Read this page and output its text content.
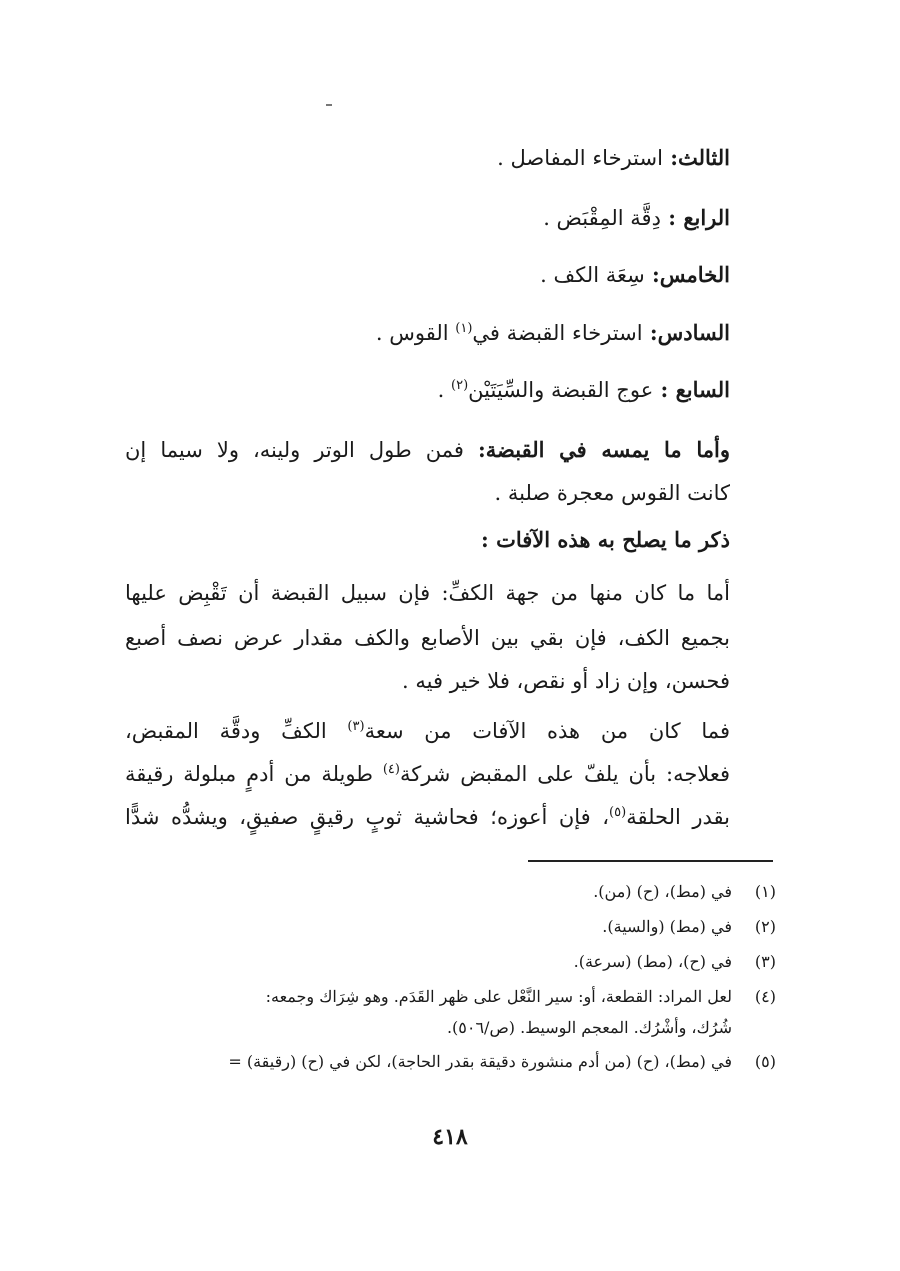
الثالث: استرخاء المفاصل .
الرابع : دِقَّة المِقْبَض .
الخامس: سِعَة الكف .
السادس: استرخاء القبضة في$^{(١)}$ القوس .
السابع : عوج القبضة والسِّيَتَيْن$^{(٢)}$ .
وأما ما يمسه في القبضة: فمن طول الوتر ولينه، ولا سيما إن
كانت القوس معجرة صلبة .
ذكر ما يصلح به هذه الآفات :
أما ما كان منها من جهة الكفِّ: فإن سبيل القبضة أن تَقْبِض عليها
بجميع الكف، فإن بقي بين الأصابع والكف مقدار عرض نصف أصبع
فحسن، وإن زاد أو نقص، فلا خير فيه .
فما كان من هذه الآفات من سعة$^{(٣)}$ الكفِّ ودقَّة المقبض،
فعلاجه: بأن يلفّ على المقبض شركة$^{(٤)}$ طويلة من أدمٍ مبلولة رقيقة
بقدر الحلقة$^{(٥)}$، فإن أعوزه؛ فحاشية ثوبٍ رقيقٍ صفيقٍ، ويشدُّه شدًّا
(١)في (مط)، (ح) (من).
(٢)في (مط) (والسية).
(٣)في (ح)، (مط) (سرعة).
(٤)لعل المراد: القطعة، أو: سير النَّعْل على ظهر القَدَم. وهو شِرَاك وجمعه:
شُرُك، وأشْرُك. المعجم الوسيط. (ص/٥٠٦).
(٥)في (مط)، (ح) (من أدم منشورة دقيقة بقدر الحاجة)، لكن في (ح) (رقيقة) =
٤١٨
